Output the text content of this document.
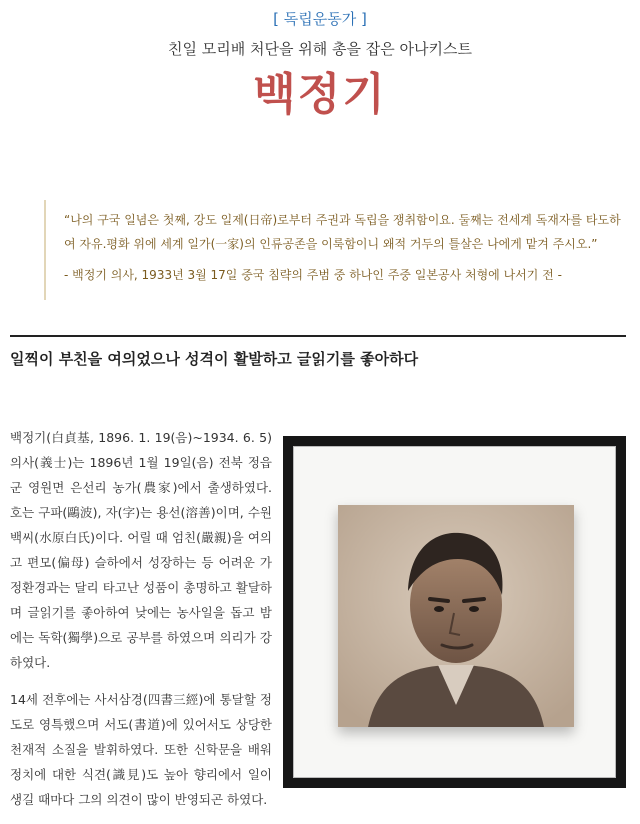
[ 독립운동가 ]
친일 모리배 처단을 위해 총을 잡은 아나키스트
백정기
“나의 구국 일념은 첫째, 강도 일제(日帝)로부터 주권과 독립을 쟁취함이요. 둘째는 전세계 독재자를 타도하여 자유.평화 위에 세계 일가(一家)의 인류공존을 이룩함이니 왜적 거두의 틀살은 나에게 맡겨 주시오.”
- 백정기 의사, 1933년 3월 17일 중국 침략의 주범 중 하나인 주중 일본공사 처형에 나서기 전 -
일찍이 부친을 여의었으나 성격이 활발하고 글읽기를 좋아하다

백정기(白貞基, 1896. 1. 19(음)~1934. 6. 5) 의사(義士)는 1896년 1월 19일(음) 전북 정읍군 영원면 은선리 농가(農家)에서 출생하였다. 호는 구파(鷗波), 자(字)는 용선(溶善)이며, 수원 백씨(水原白氏)이다. 어릴 때 엄친(嚴親)을 여의고 편모(偏母) 슬하에서 성장하는 등 어려운 가정환경과는 달리 타고난 성품이 총명하고 활달하며 글읽기를 좋아하여 낮에는 농사일을 돕고 밤에는 독학(獨學)으로 공부를 하였으며 의리가 강하였다.

14세 전후에는 사서삼경(四書三經)에 통달할 정도로 영특했으며 서도(書道)에 있어서도 상당한 천재적 소질을 발휘하였다. 또한 신학문을 배워 정치에 대한 식견(識見)도 높아 향리에서 일이 생길 때마다 그의 의견이 많이 반영되곤 하였다.
